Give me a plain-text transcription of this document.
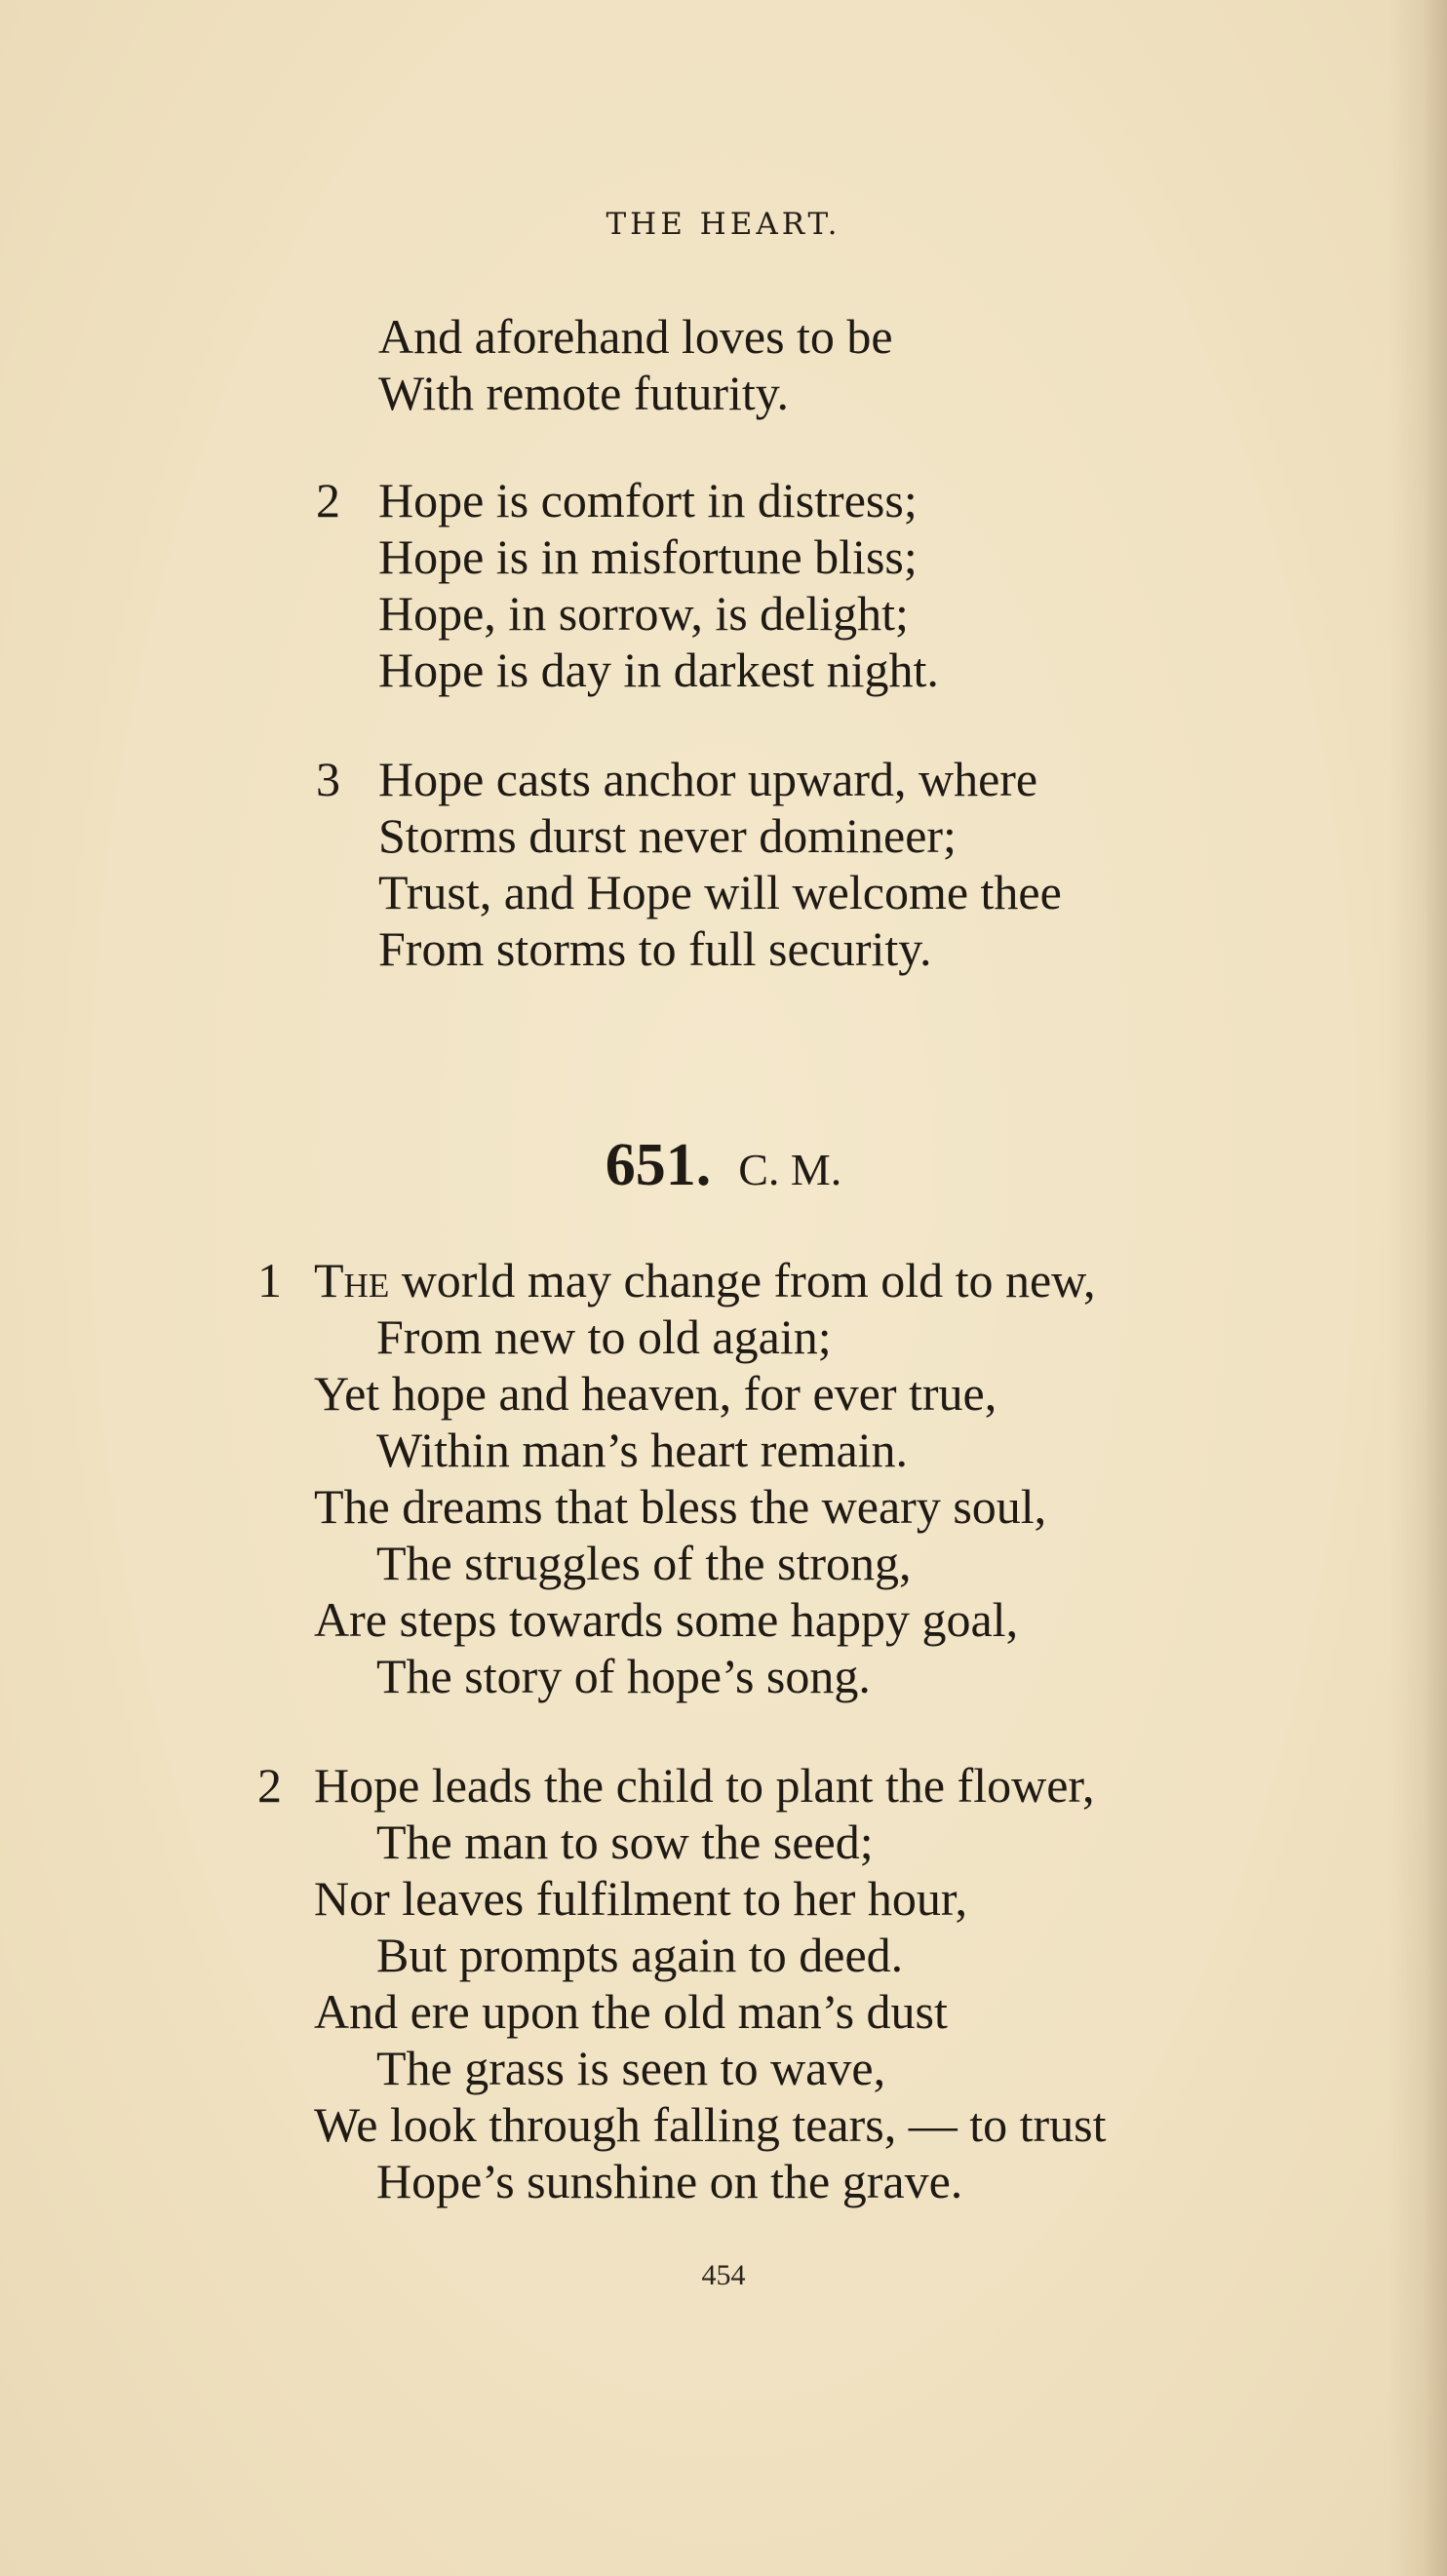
THE HEART.
And aforehand loves to be
With remote futurity.
2 Hope is comfort in distress;
Hope is in misfortune bliss;
Hope, in sorrow, is delight;
Hope is day in darkest night.
3 Hope casts anchor upward, where
Storms durst never domineer;
Trust, and Hope will welcome thee
From storms to full security.
651. C. M.
1 The world may change from old to new,
From new to old again;
Yet hope and heaven, for ever true,
Within man’s heart remain.
The dreams that bless the weary soul,
The struggles of the strong,
Are steps towards some happy goal,
The story of hope’s song.
2 Hope leads the child to plant the flower,
The man to sow the seed;
Nor leaves fulfilment to her hour,
But prompts again to deed.
And ere upon the old man’s dust
The grass is seen to wave,
We look through falling tears, — to trust
Hope’s sunshine on the grave.
454
